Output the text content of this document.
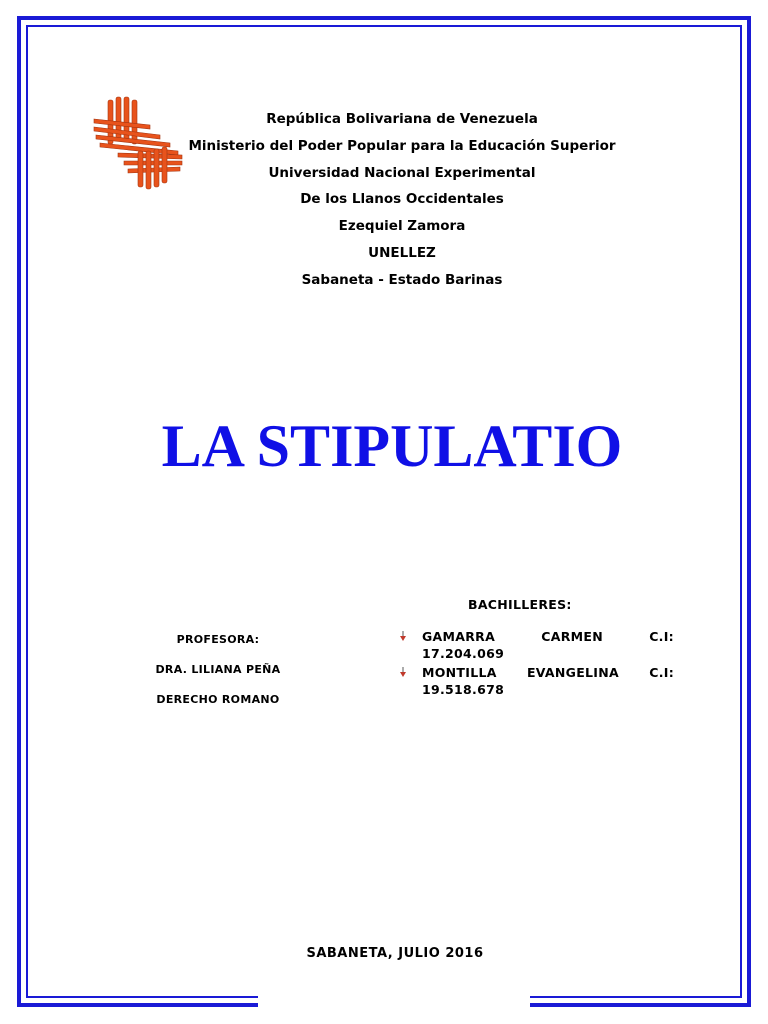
República Bolivariana de Venezuela
Ministerio del Poder Popular para la Educación Superior
Universidad Nacional Experimental
De los Llanos Occidentales
Ezequiel Zamora
UNELLEZ
Sabaneta - Estado Barinas
LA STIPULATIO
PROFESORA:
DRA. LILIANA PEÑA
DERECHO ROMANO
BACHILLERES:
GAMARRA	CARMEN	C.I:
17.204.069
MONTILLA EVANGELINA C.I:
19.518.678
SABANETA, JULIO 2016
